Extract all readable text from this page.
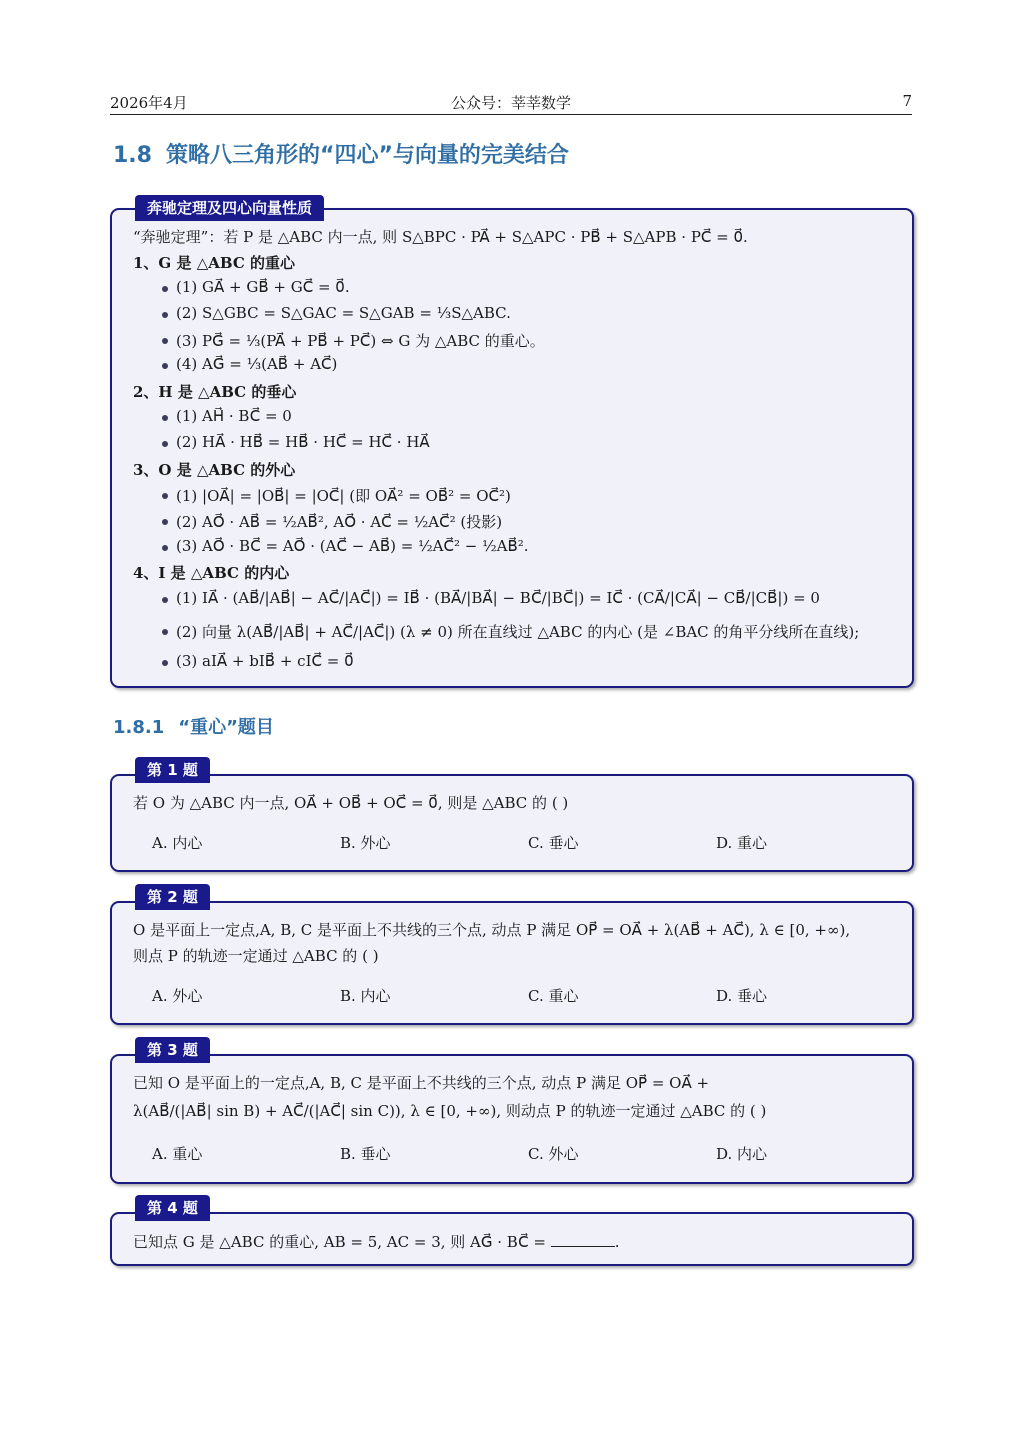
2026年4月	公众号：莘莘数学	7
1.8 策略八三角形的“四心”与向量的完美结合
奔驰定理及四心向量性质
“奔驰定理”：若 P 是 △ABC 内一点, 则 S△BPC · PA⃗ + S△APC · PB⃗ + S△APB · PC⃗ = 0⃗.
1、G 是 △ABC 的重心
(1) GA⃗ + GB⃗ + GC⃗ = 0⃗.
(2) S△GBC = S△GAC = S△GAB = ⅓S△ABC.
(3) PG⃗ = ⅓(PA⃗ + PB⃗ + PC⃗) ⇔ G 为 △ABC 的重心。
(4) AG⃗ = ⅓(AB⃗ + AC⃗)
2、H 是 △ABC 的垂心
(1) AH⃗ · BC⃗ = 0
(2) HA⃗ · HB⃗ = HB⃗ · HC⃗ = HC⃗ · HA⃗
3、O 是 △ABC 的外心
(1) |OA⃗| = |OB⃗| = |OC⃗| (即 OA⃗² = OB⃗² = OC⃗²)
(2) AO⃗ · AB⃗ = ½AB⃗², AO⃗ · AC⃗ = ½AC⃗² (投影)
(3) AO⃗ · BC⃗ = AO⃗ · (AC⃗ − AB⃗) = ½AC⃗² − ½AB⃗².
4、I 是 △ABC 的内心
(1) IA⃗ · (AB⃗/|AB⃗| − AC⃗/|AC⃗|) = IB⃗ · (BA⃗/|BA⃗| − BC⃗/|BC⃗|) = IC⃗ · (CA⃗/|CA⃗| − CB⃗/|CB⃗|) = 0
(2) 向量 λ(AB⃗/|AB⃗| + AC⃗/|AC⃗|) (λ ≠ 0) 所在直线过 △ABC 的内心 (是 ∠BAC 的角平分线所在直线);
(3) aIA⃗ + bIB⃗ + cIC⃗ = 0⃗
1.8.1 “重心”题目
第 1 题
若 O 为 △ABC 内一点, OA⃗ + OB⃗ + OC⃗ = 0⃗, 则是 △ABC 的 ( )
A. 内心	B. 外心	C. 垂心	D. 重心
第 2 题
O 是平面上一定点,A, B, C 是平面上不共线的三个点, 动点 P 满足 OP⃗ = OA⃗ + λ(AB⃗ + AC⃗), λ ∈ [0, +∞),
则点 P 的轨迹一定通过 △ABC 的 ( )
A. 外心	B. 内心	C. 重心	D. 垂心
第 3 题
已知 O 是平面上的一定点,A, B, C 是平面上不共线的三个点, 动点 P 满足 OP⃗ = OA⃗ +
λ(AB⃗/(|AB⃗| sin B) + AC⃗/(|AC⃗| sin C)), λ ∈ [0, +∞), 则动点 P 的轨迹一定通过 △ABC 的 ( )
A. 重心	B. 垂心	C. 外心	D. 内心
第 4 题
已知点 G 是 △ABC 的重心, AB = 5, AC = 3, 则 AG⃗ · BC⃗ =	.
